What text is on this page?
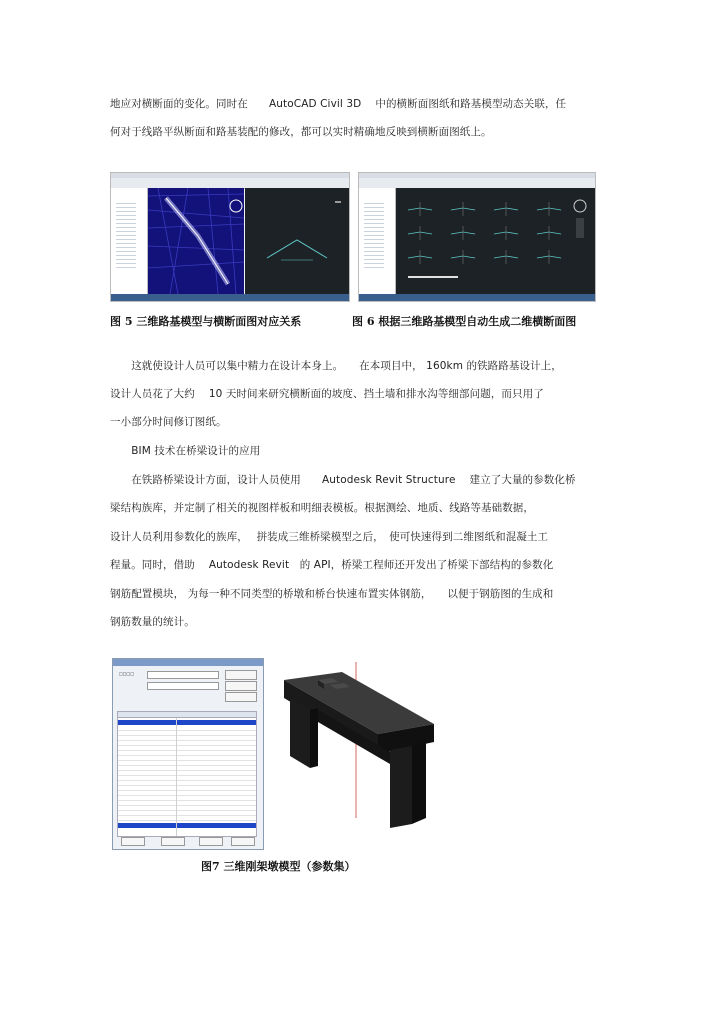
地应对横断面的变化。同时在　　AutoCAD Civil 3D　 中的横断面图纸和路基模型动态关联，任
何对于线路平纵断面和路基装配的修改，都可以实时精确地反映到横断面图纸上。
图 5 三维路基模型与横断面图对应关系	图 6 根据三维路基模型自动生成二维横断面图
　　这就使设计人员可以集中精力在设计本身上。　　在本项目中， 160km 的铁路路基设计上，
设计人员花了大约　 10 天时间来研究横断面的坡度、挡土墙和排水沟等细部问题，而只用了
一小部分时间修订图纸。
　　BIM 技术在桥梁设计的应用
　　在铁路桥梁设计方面，设计人员使用　　Autodesk Revit Structure　 建立了大量的参数化桥
梁结构族库，并定制了相关的视图样板和明细表模板。根据测绘、地质、线路等基础数据，
设计人员利用参数化的族库，　 拼装成三维桥梁模型之后，　使可快速得到二维图纸和混凝土工
程量。同时，借助　 Autodesk Revit　的 API，桥梁工程师还开发出了桥梁下部结构的参数化
钢筋配置模块， 为每一种不同类型的桥墩和桥台快速布置实体钢筋，　　以便于钢筋图的生成和
钢筋数量的统计。
□□□□
图7 三维刚架墩模型（参数集）
